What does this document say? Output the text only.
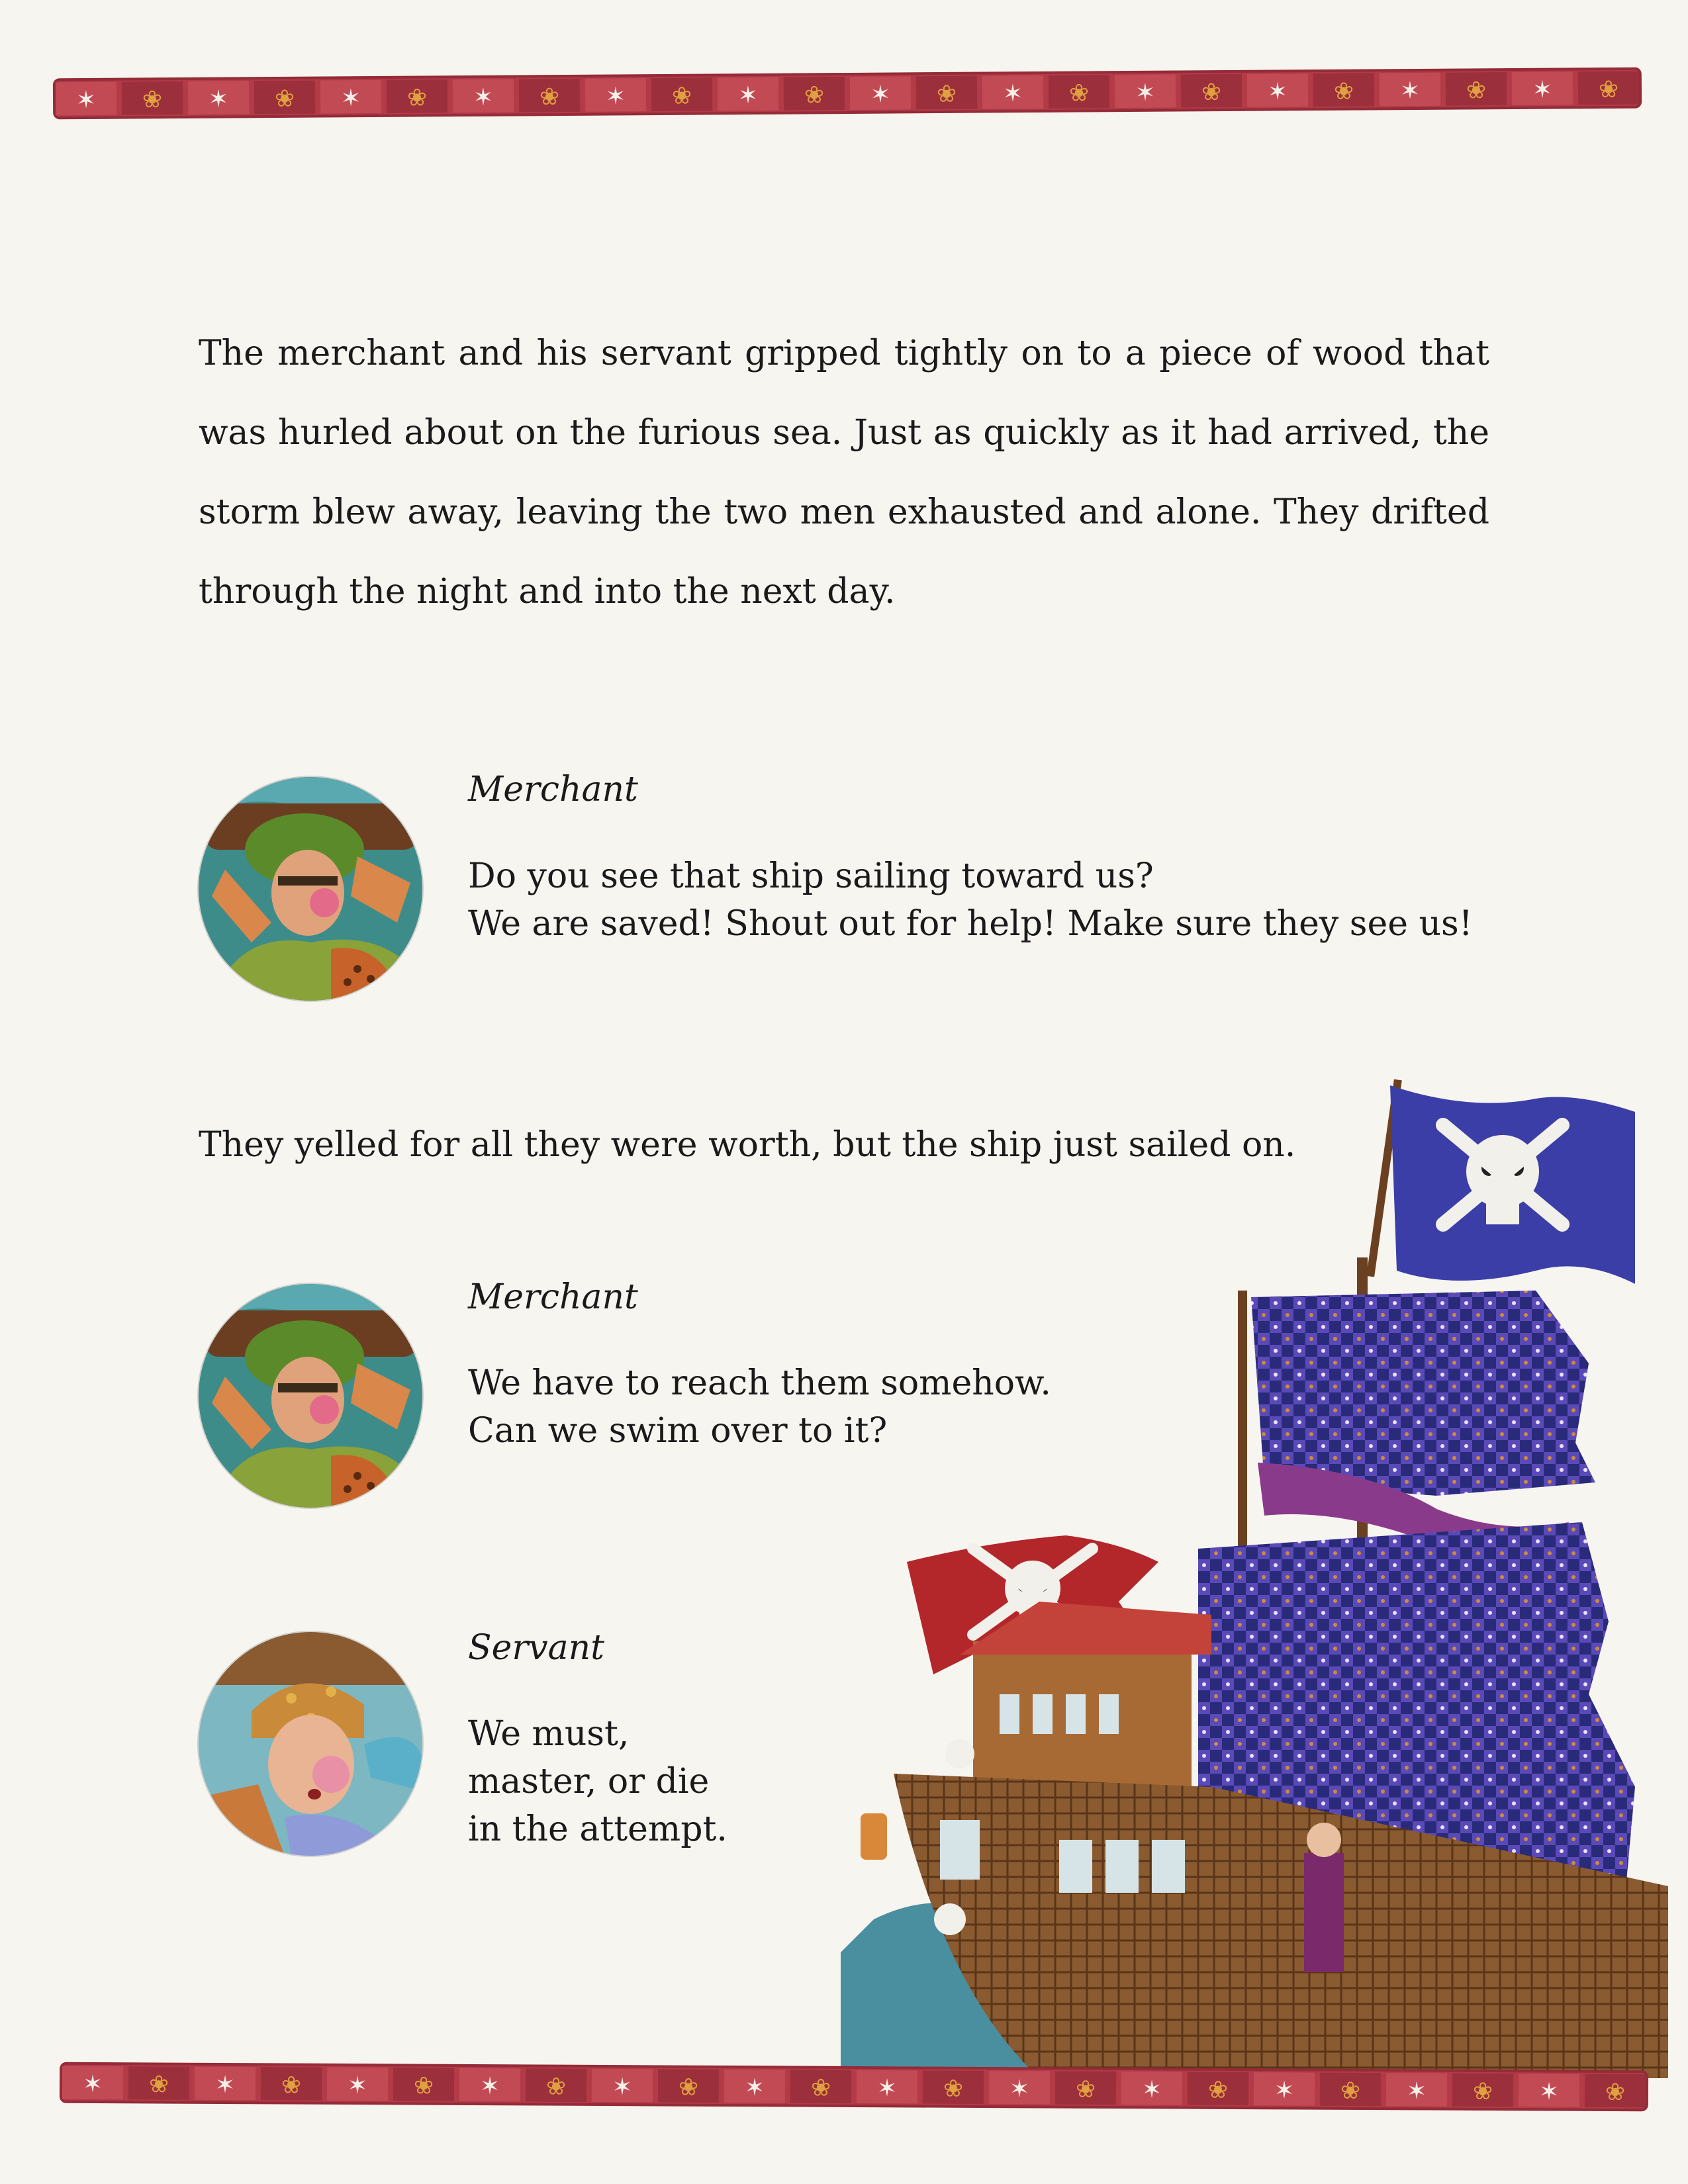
✶ ❀ ✶ ❀ ✶ ❀ ✶ ❀ ✶ ❀ ✶ ❀ ✶ ❀ ✶ ❀ ✶ ❀ ✶ ❀ ✶ ❀ ✶ ❀

The merchant and his servant gripped tightly on to a piece of wood that was hurled about on the furious sea. Just as quickly as it had arrived, the storm blew away, leaving the two men exhausted and alone. They drifted through the night and into the next day.

Merchant

Do you see that ship sailing toward us?
We are saved! Shout out for help! Make sure they see us!

They yelled for all they were worth, but the ship just sailed on.

Merchant

We have to reach them somehow.
Can we swim over to it?

Servant

We must,
master, or die
in the attempt.
✶ ❀ ✶ ❀ ✶ ❀ ✶ ❀ ✶ ❀ ✶ ❀ ✶ ❀ ✶ ❀ ✶ ❀ ✶ ❀ ✶ ❀ ✶ ❀
